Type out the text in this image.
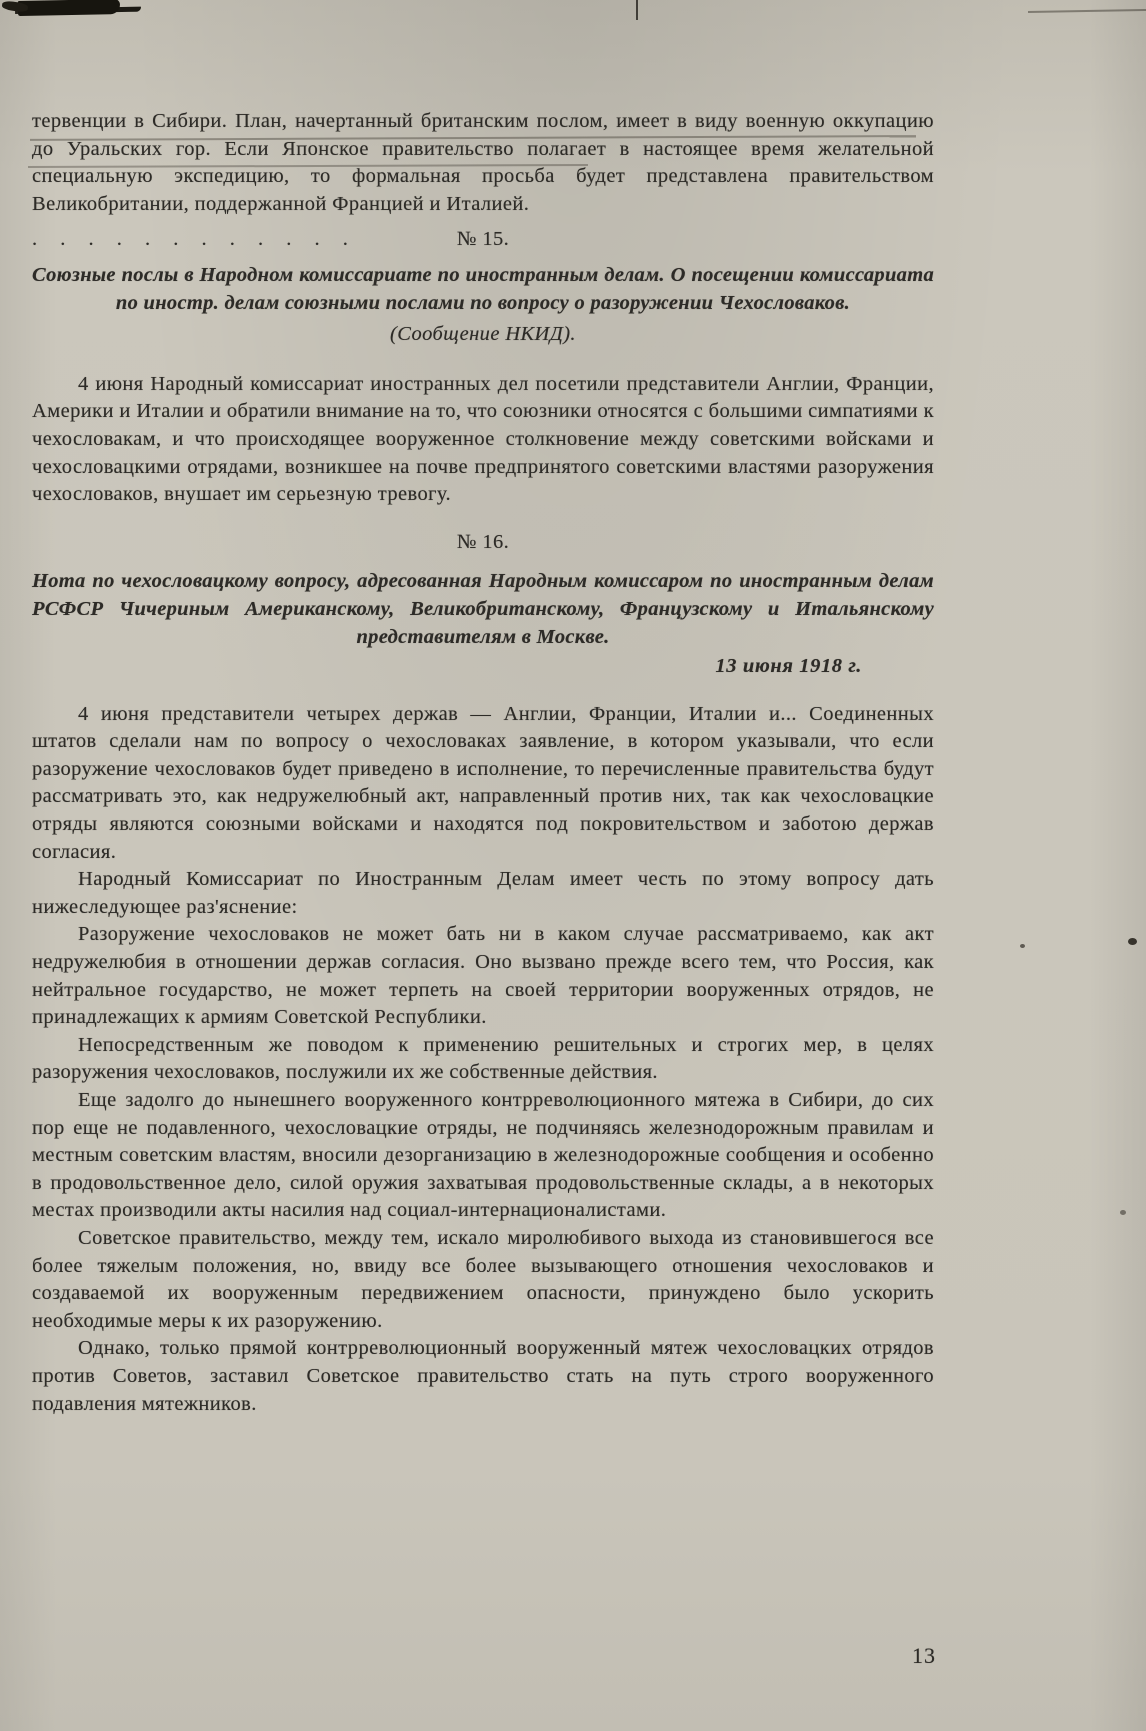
тервенции в Сибири. План, начертанный британским послом, имеет в виду военную оккупацию до Уральских гор. Если Японское правительство полагает в настоящее время желательной специальную экспедицию, то формальная просьба будет представлена правительством Великобритании, поддержанной Францией и Италией.

. . . . . . . . . . . .	№ 15.

Союзные послы в Народном комиссариате по иностранным делам. О посещении комиссариата по иностр. делам союзными послами по вопросу о разоружении Чехословаков.

(Сообщение НКИД).

4 июня Народный комиссариат иностранных дел посетили представители Англии, Франции, Америки и Италии и обратили внимание на то, что союзники относятся с большими симпатиями к чехословакам, и что происходящее вооруженное столкновение между советскими войсками и чехословацкими отрядами, возникшее на почве предпринятого советскими властями разоружения чехословаков, внушает им серьезную тревогу.

№ 16.

Нота по чехословацкому вопросу, адресованная Народным комиссаром по иностранным делам РСФСР Чичериным Американскому, Великобританскому, Французскому и Итальянскому представителям в Москве.

13 июня 1918 г.

4 июня представители четырех держав — Англии, Франции, Италии и... Соединенных штатов сделали нам по вопросу о чехословаках заявление, в котором указывали, что если разоружение чехословаков будет приведено в исполнение, то перечисленные правительства будут рассматривать это, как недружелюбный акт, направленный против них, так как чехословацкие отряды являются союзными войсками и находятся под покровительством и заботою держав согласия.

Народный Комиссариат по Иностранным Делам имеет честь по этому вопросу дать нижеследующее раз'яснение:

Разоружение чехословаков не может бать ни в каком случае рассматриваемо, как акт недружелюбия в отношении держав согласия. Оно вызвано прежде всего тем, что Россия, как нейтральное государство, не может терпеть на своей территории вооруженных отрядов, не принадлежащих к армиям Советской Республики.

Непосредственным же поводом к применению решительных и строгих мер, в целях разоружения чехословаков, послужили их же собственные действия.

Еще задолго до нынешнего вооруженного контрреволюционного мятежа в Сибири, до сих пор еще не подавленного, чехословацкие отряды, не подчиняясь железнодорожным правилам и местным советским властям, вносили дезорганизацию в железнодорожные сообщения и особенно в продовольственное дело, силой оружия захватывая продовольственные склады, а в некоторых местах производили акты насилия над социал-интернационалистами.

Советское правительство, между тем, искало миролюбивого выхода из становившегося все более тяжелым положения, но, ввиду все более вызывающего отношения чехословаков и создаваемой их вооруженным передвижением опасности, принуждено было ускорить необходимые меры к их разоружению.

Однако, только прямой контрреволюционный вооруженный мятеж чехословацких отрядов против Советов, заставил Советское правительство стать на путь строго вооруженного подавления мятежников.

13
